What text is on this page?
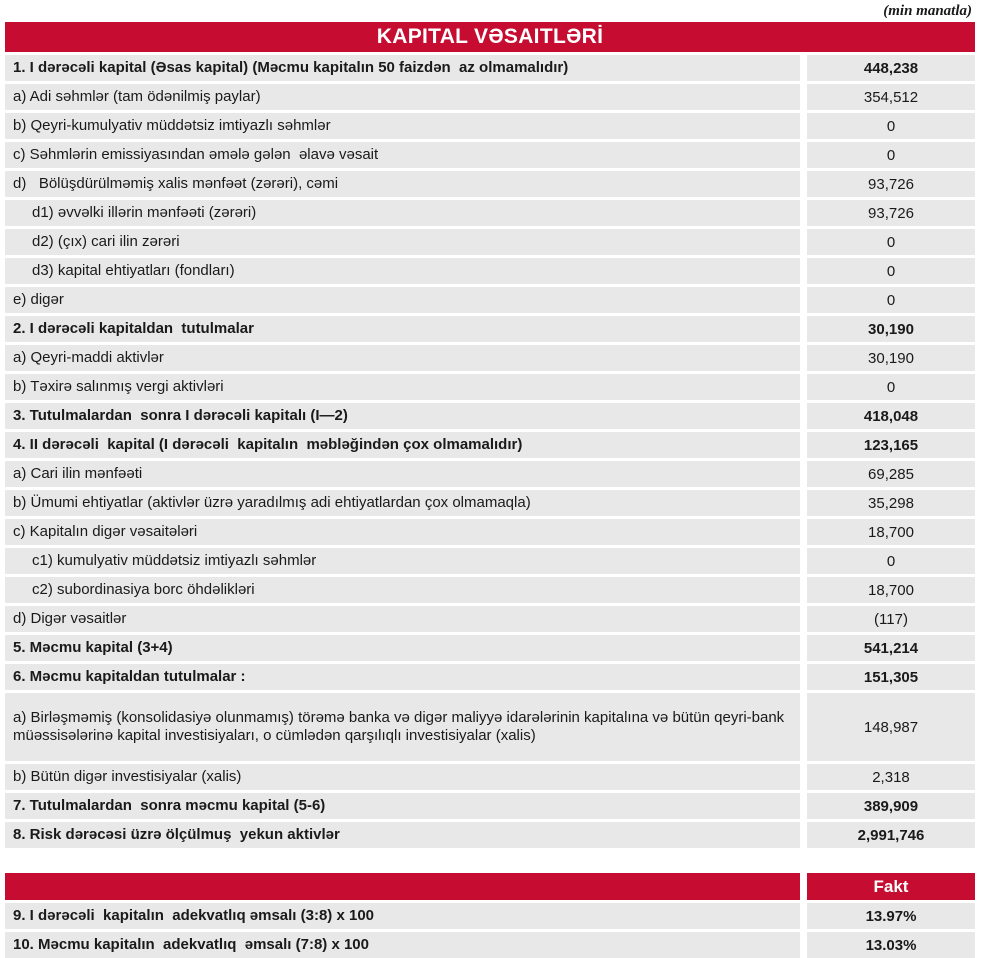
(min manatla)
KAPITAL VƏSAITLƏRİ
1. I dərəcəli kapital (Əsas kapital) (Məcmu kapitalın 50 faizdən  az olmamalıdır)	448,238
a) Adi səhmlər (tam ödənilmiş paylar)	354,512
b) Qeyri-kumulyativ müddətsiz imtiyazlı səhmlər	0
c) Səhmlərin emissiyasından əmələ gələn  əlavə vəsait	0
d)   Bölüşdürülməmiş xalis mənfəət (zərəri), cəmi	93,726
d1) əvvəlki illərin mənfəəti (zərəri)	93,726
d2) (çıx) cari ilin zərəri	0
d3) kapital ehtiyatları (fondları)	0
e) digər	0
2. I dərəcəli kapitaldan  tutulmalar	30,190
a) Qeyri-maddi aktivlər	30,190
b) Təxirə salınmış vergi aktivləri	0
3. Tutulmalardan  sonra I dərəcəli kapitalı (I—2)	418,048
4. II dərəcəli  kapital (I dərəcəli  kapitalın  məbləğindən çox olmamalıdır)	123,165
a) Cari ilin mənfəəti	69,285
b) Ümumi ehtiyatlar (aktivlər üzrə yaradılmış adi ehtiyatlardan çox olmamaqla)	35,298
c) Kapitalın digər vəsaitələri	18,700
c1) kumulyativ müddətsiz imtiyazlı səhmlər	0
c2) subordinasiya borc öhdəlikləri	18,700
d) Digər vəsaitlər	(117)
5. Məcmu kapital (3+4)	541,214
6. Məcmu kapitaldan tutulmalar :	151,305
a) Birləşməmiş (konsolidasiyə olunmamış) törəmə banka və digər maliyyə idarələrinin kapitalına və bütün qeyri-bank müəssisələrinə kapital investisiyaları, o cümlədən qarşılıqlı investisiyalar (xalis)	148,987
b) Bütün digər investisiyalar (xalis)	2,318
7. Tutulmalardan  sonra məcmu kapital (5-6)	389,909
8. Risk dərəcəsi üzrə ölçülmuş  yekun aktivlər	2,991,746
Fakt
9. I dərəcəli  kapitalın  adekvatlıq əmsalı (3:8) x 100	13.97%
10. Məcmu kapitalın  adekvatlıq  əmsalı (7:8) x 100	13.03%
